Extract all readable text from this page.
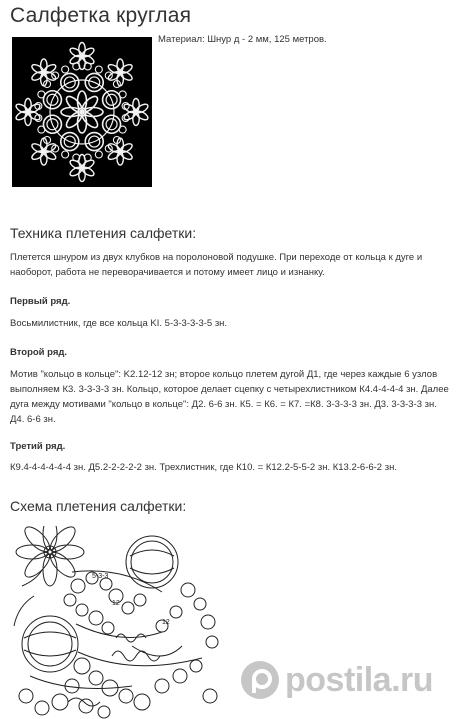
Салфетка круглая
Материал: Шнур д - 2 мм, 125 метров.
Техника плетения салфетки:

Плетется шнуром из двух клубков на поролоновой подушке. При переходе от кольца к дуге и наоборот, работа не переворачивается и потому имеет лицо и изнанку.

Первый ряд.

Восьмилистник, где все кольца KI. 5-3-3-3-3-5 зн.

Второй ряд.

Мотив "кольцо в кольце": K2.12-12 зн; второе кольцо плетем дугой Д1, где через каждые 6 узлов выполняем К3. 3-3-3-3 зн. Кольцо, которое делает сцепку с четырехлистником К4.4-4-4-4 зн. Далее дуга между мотивами "кольцо в кольце": Д2. 6-6 зн. К5. = К6. = К7. =К8. 3-3-3-3 зн. Д3. 3-3-3-3 зн. Д4. 6-6 зн.

Третий ряд.

К9.4-4-4-4-4-4 зн. Д5.2-2-2-2-2 зн. Трехлистник, где К10. = К12.2-5-5-2 зн. К13.2-6-6-2 зн.

Схема плетения салфетки:
5-3-3
12
12
postila.ru
